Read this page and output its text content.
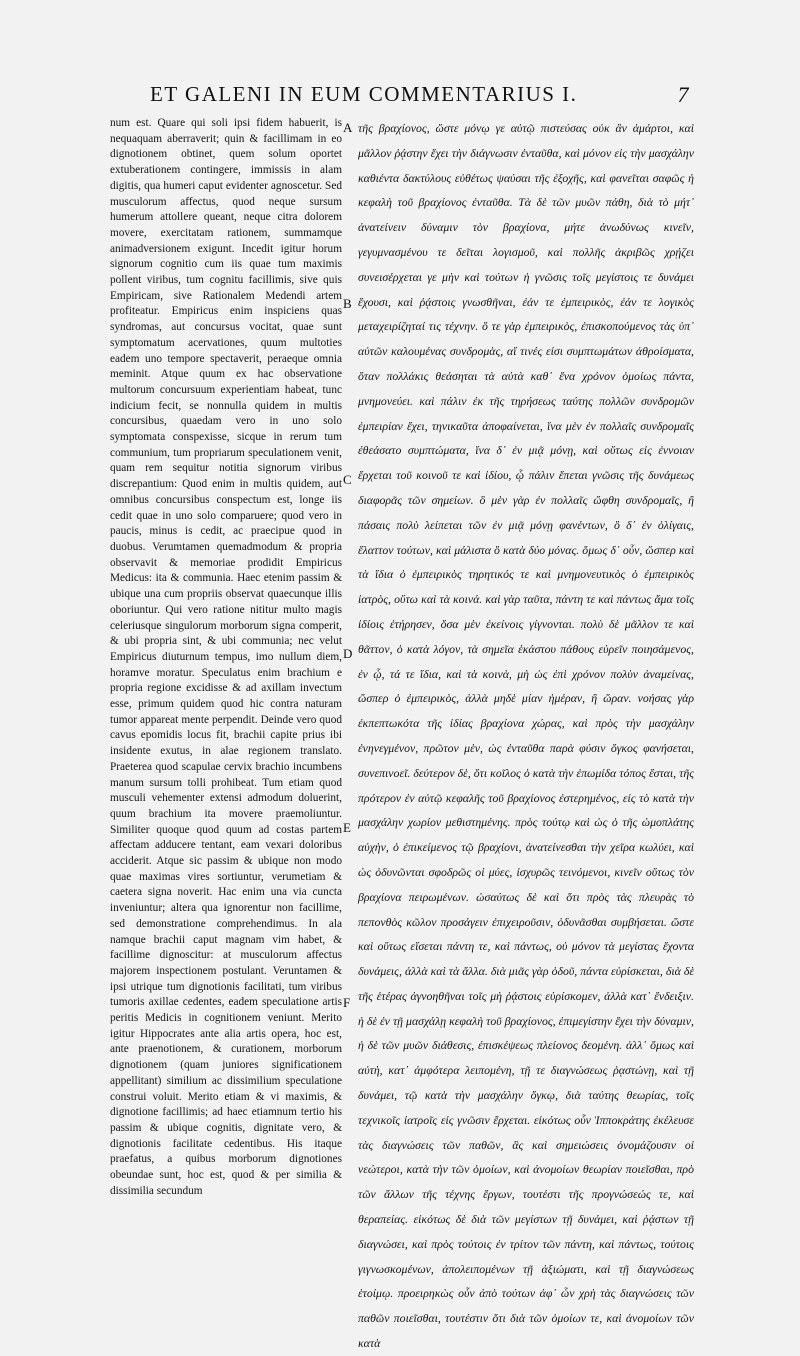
ET GALENI IN EUM COMMENTARIUS I.	7

num est. Quare qui soli ipsi fidem habuerit, is nequaquam aberraverit; quin & facillimam in eo dignotionem obtinet, quem solum oportet extuberationem contingere, immissis in alam digitis, qua humeri caput evidenter agnoscetur. Sed musculorum affectus, quod neque sursum humerum attollere queant, neque citra dolorem movere, exercitatam rationem, summamque animadversionem exigunt. Incedit igitur horum signorum cognitio cum iis quae tum maximis pollent viribus, tum cognitu facillimis, sive quis Empiricam, sive Rationalem Medendi artem profiteatur. Empiricus enim inspiciens quas syndromas, aut concursus vocitat, quae sunt symptomatum acervationes, quum multoties eadem uno tempore spectaverit, peraeque omnia meminit. Atque quum ex hac observatione multorum concursuum experientiam habeat, tunc indicium fecit, se nonnulla quidem in multis concursibus, quaedam vero in uno solo symptomata conspexisse, sicque in rerum tum communium, tum propriarum speculationem venit, quam rem sequitur notitia signorum viribus discrepantium: Quod enim in multis quidem, aut omnibus concursibus conspectum est, longe iis cedit quae in uno solo comparuere; quod vero in paucis, minus is cedit, ac praecipue quod in duobus. Verumtamen quemadmodum & propria observavit & memoriae prodidit Empiricus Medicus: ita & communia. Haec etenim passim & ubique una cum propriis observat quaecunque illis oboriuntur. Qui vero ratione nititur multo magis celeriusque singulorum morborum signa comperit, & ubi propria sint, & ubi communia; nec velut Empiricus diuturnum tempus, imo nullum diem, horamve moratur. Speculatus enim brachium e propria regione excidisse & ad axillam invectum esse, primum quidem quod hic contra naturam tumor appareat mente perpendit. Deinde vero quod cavus epomidis locus fit, brachii capite prius ibi insidente exutus, in alae regionem translato. Praeterea quod scapulae cervix brachio incumbens manum sursum tolli prohibeat. Tum etiam quod musculi vehementer extensi admodum doluerint, quum brachium ita movere praemoliuntur. Similiter quoque quod quum ad costas partem affectam adducere tentant, eam vexari doloribus acciderit. Atque sic passim & ubique non modo quae maximas vires sortiuntur, verumetiam & caetera signa noverit. Hac enim una via cuncta inveniuntur; altera qua ignorentur non facillime, sed demonstratione comprehendimus. In ala namque brachii caput magnam vim habet, & facillime dignoscitur: at musculorum affectus majorem inspectionem postulant. Veruntamen & ipsi utrique tum dignotionis facilitati, tum viribus tumoris axillae cedentes, eadem speculatione artis peritis Medicis in cognitionem veniunt. Merito igitur Hippocrates ante alia artis opera, hoc est, ante praenotionem, & curationem, morborum dignotionem (quam juniores significationem appellitant) similium ac dissimilium speculatione construi voluit. Merito etiam & vi maximis, & dignotione facillimis; ad haec etiamnum tertio his passim & ubique cognitis, dignitate vero, & dignotionis facilitate cedentibus. His itaque praefatus, a quibus morborum dignotiones obeundae sunt, hoc est, quod & per similia & dissimilia secundum

A
B
C
D
E
F

τῆς βραχίονος, ὥστε μόνῳ γε αὐτῷ πιστεύσας οὐκ ἂν ἁμάρτοι, καὶ μᾶλλον ῥᾴστην ἔχει τὴν διάγνωσιν ἐνταῦθα, καὶ μόνον εἰς τὴν μασχάλην καθιέντα δακτύλους εὐθέτως ψαύσαι τῆς ἐξοχῆς, καὶ φανεῖται σαφῶς ἡ κεφαλὴ τοῦ βραχίονος ἐνταῦθα. Τὰ δὲ τῶν μυῶν πάθη, διὰ τὸ μήτ᾽ ἀνατείνειν δύναμιν τὸν βραχίονα, μήτε ἀνωδύνως κινεῖν, γεγυμνασμένου τε δεῖται λογισμοῦ, καὶ πολλῆς ἀκριβῶς χρῄζει συνεισέρχεται γε μὴν καὶ τούτων ἡ γνῶσις τοῖς μεγίστοις τε δυνάμει ἔχουσι, καὶ ῥᾴστοις γνωσθῆναι, ἐάν τε ἐμπειρικὸς, ἐάν τε λογικὸς μεταχειρίζηταί τις τέχνην. ὅ τε γὰρ ἐμπειρικὸς, ἐπισκοπούμενος τὰς ὑπ᾽ αὐτῶν καλουμένας συνδρομὰς, αἵ τινές εἰσι συμπτωμάτων ἀθροίσματα, ὅταν πολλάκις θεάσηται τὰ αὐτὰ καθ᾽ ἕνα χρόνον ὁμοίως πάντα, μνημονεύει. καὶ πάλιν ἐκ τῆς τηρήσεως ταύτης πολλῶν συνδρομῶν ἐμπειρίαν ἔχει, τηνικαῦτα ἀποφαίνεται, ἵνα μὲν ἐν πολλαῖς συνδρομαῖς ἐθεάσατο συμπτώματα, ἵνα δ᾽ ἐν μιᾷ μόνῃ, καὶ οὕτως εἰς ἐννοιαν ἔρχεται τοῦ κοινοῦ τε καὶ ἰδίου, ᾧ πάλιν ἕπεται γνῶσις τῆς δυνάμεως διαφορᾶς τῶν σημείων. ὃ μὲν γὰρ ἐν πολλαῖς ὤφθη συνδρομαῖς, ἢ πάσαις πολὺ λείπεται τῶν ἐν μιᾷ μόνῃ φανέντων, ὃ δ᾽ ἐν ὀλίγαις, ἔλαττον τούτων, καὶ μάλιστα ὃ κατὰ δύο μόνας. ὅμως δ᾽ οὖν, ὥσπερ καὶ τὰ ἴδια ὁ ἐμπειρικὸς τηρητικός τε καὶ μνημονευτικὸς ὁ ἐμπειρικὸς ἰατρὸς, οὕτω καὶ τὰ κοινά. καὶ γὰρ ταῦτα, πάντη τε καὶ πάντως ἅμα τοῖς ἰδίοις ἐτήρησεν, ὅσα μὲν ἐκείνοις γίγνονται. πολὺ δὲ μᾶλλον τε καὶ θᾶττον, ὁ κατὰ λόγον, τὰ σημεῖα ἑκάστου πάθους εὑρεῖν ποιησάμενος, ἐν ᾧ, τά τε ἴδια, καὶ τὰ κοινὰ, μὴ ὡς ἐπὶ χρόνον πολὺν ἀναμείνας, ὥσπερ ὁ ἐμπειρικὸς, ἀλλὰ μηδὲ μίαν ἡμέραν, ἢ ὥραν. νοήσας γὰρ ἐκπεπτωκότα τῆς ἰδίας βραχίονα χώρας, καὶ πρὸς τὴν μασχάλην ἐνηνεγμένον, πρῶτον μὲν, ὡς ἐνταῦθα παρὰ φύσιν ὄγκος φανήσεται, συνεπινοεῖ. δεύτερον δὲ, ὅτι κοῖλος ὁ κατὰ τὴν ἐπωμίδα τόπος ἔσται, τῆς πρότερον ἐν αὐτῷ κεφαλῆς τοῦ βραχίονος ἐστερημένος, εἰς τὸ κατὰ τὴν μασχάλην χωρίον μεθιστημένης. πρὸς τούτῳ καὶ ὡς ὁ τῆς ὠμοπλάτης αὐχὴν, ὁ ἐπικείμενος τῷ βραχίονι, ἀνατείνεσθαι τὴν χεῖρα κωλύει, καὶ ὡς ὀδυνῶνται σφοδρῶς οἱ μύες, ἰσχυρῶς τεινόμενοι, κινεῖν οὕτως τὸν βραχίονα πειρωμένων. ὡσαύτως δὲ καὶ ὅτι πρὸς τὰς πλευρὰς τὸ πεπονθὸς κῶλον προσάγειν ἐπιχειροῦσιν, ὀδυνᾶσθαι συμβήσεται. ὥστε καὶ οὕτως εἴσεται πάντη τε, καὶ πάντως, οὐ μόνον τὰ μεγίστας ἔχοντα δυνάμεις, ἀλλὰ καὶ τὰ ἄλλα. διὰ μιᾶς γὰρ ὁδοῦ, πάντα εὑρίσκεται, διὰ δὲ τῆς ἑτέρας ἀγνοηθῆναι τοῖς μὴ ῥᾴστοις εὑρίσκομεν, ἀλλὰ κατ᾽ ἔνδειξιν. ἡ δὲ ἐν τῇ μασχάλῃ κεφαλὴ τοῦ βραχίονος, ἐπιμεγίστην ἔχει τὴν δύναμιν, ἡ δὲ τῶν μυῶν διάθεσις, ἐπισκέψεως πλείονος δεομένη. ἀλλ᾽ ὅμως καὶ αὐτὴ, κατ᾽ ἀμφότερα λειπομένη, τῇ τε διαγνώσεως ῥᾳστώνῃ, καὶ τῇ δυνάμει, τῷ κατὰ τὴν μασχάλην ὄγκῳ, διὰ ταύτης θεωρίας, τοῖς τεχνικοῖς ἰατροῖς εἰς γνῶσιν ἔρχεται. εἰκότως οὖν Ἱπποκράτης ἐκέλευσε τὰς διαγνώσεις τῶν παθῶν, ἃς καὶ σημειώσεις ὀνομάζουσιν οἱ νεώτεροι, κατὰ τὴν τῶν ὁμοίων, καὶ ἀνομοίων θεωρίαν ποιεῖσθαι, πρὸ τῶν ἄλλων τῆς τέχνης ἔργων, τουτέστι τῆς προγνώσεώς τε, καὶ θεραπείας. εἰκότως δὲ διὰ τῶν μεγίστων τῇ δυνάμει, καὶ ῥᾴστων τῇ διαγνώσει, καὶ πρὸς τούτοις ἐν τρίτον τῶν πάντη, καὶ πάντως, τούτοις γιγνωσκομένων, ἀπολειπομένων τῇ ἀξιώματι, καὶ τῇ διαγνώσεως ἑτοίμῳ. προειρηκὼς οὖν ἀπὸ τούτων ἀφ᾽ ὧν χρὴ τὰς διαγνώσεις τῶν παθῶν ποιεῖσθαι, τουτέστιν ὅτι διὰ τῶν ὁμοίων τε, καὶ ἀνομοίων τῶν κατὰ
